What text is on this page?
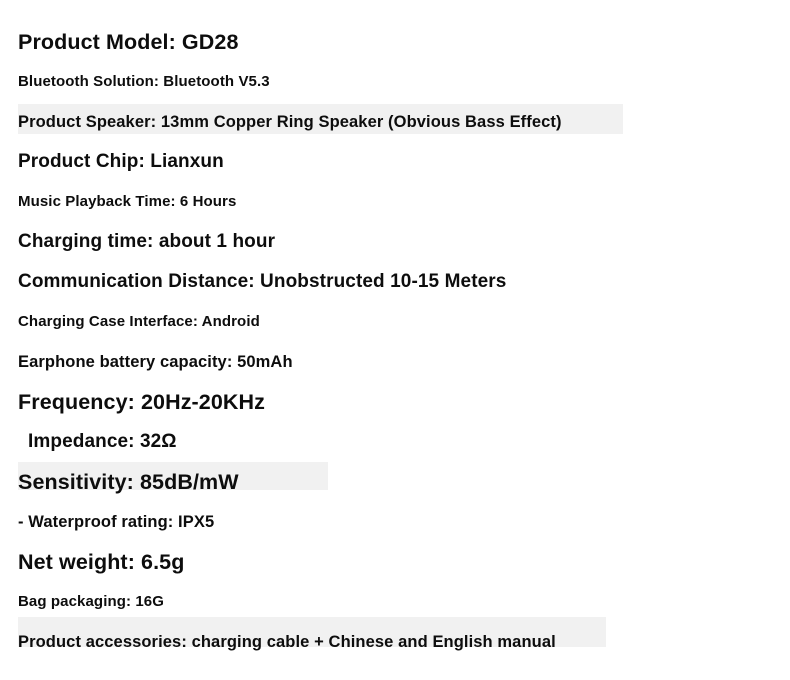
Product Model: GD28
Bluetooth Solution: Bluetooth V5.3
Product Speaker: 13mm Copper Ring Speaker (Obvious Bass Effect)
Product Chip: Lianxun
Music Playback Time: 6 Hours
Charging time: about 1 hour
Communication Distance: Unobstructed 10-15 Meters
Charging Case Interface: Android
Earphone battery capacity: 50mAh
Frequency: 20Hz-20KHz
Impedance: 32Ω
Sensitivity: 85dB/mW
- Waterproof rating: IPX5
Net weight: 6.5g
Bag packaging: 16G
Product accessories: charging cable + Chinese and English manual
